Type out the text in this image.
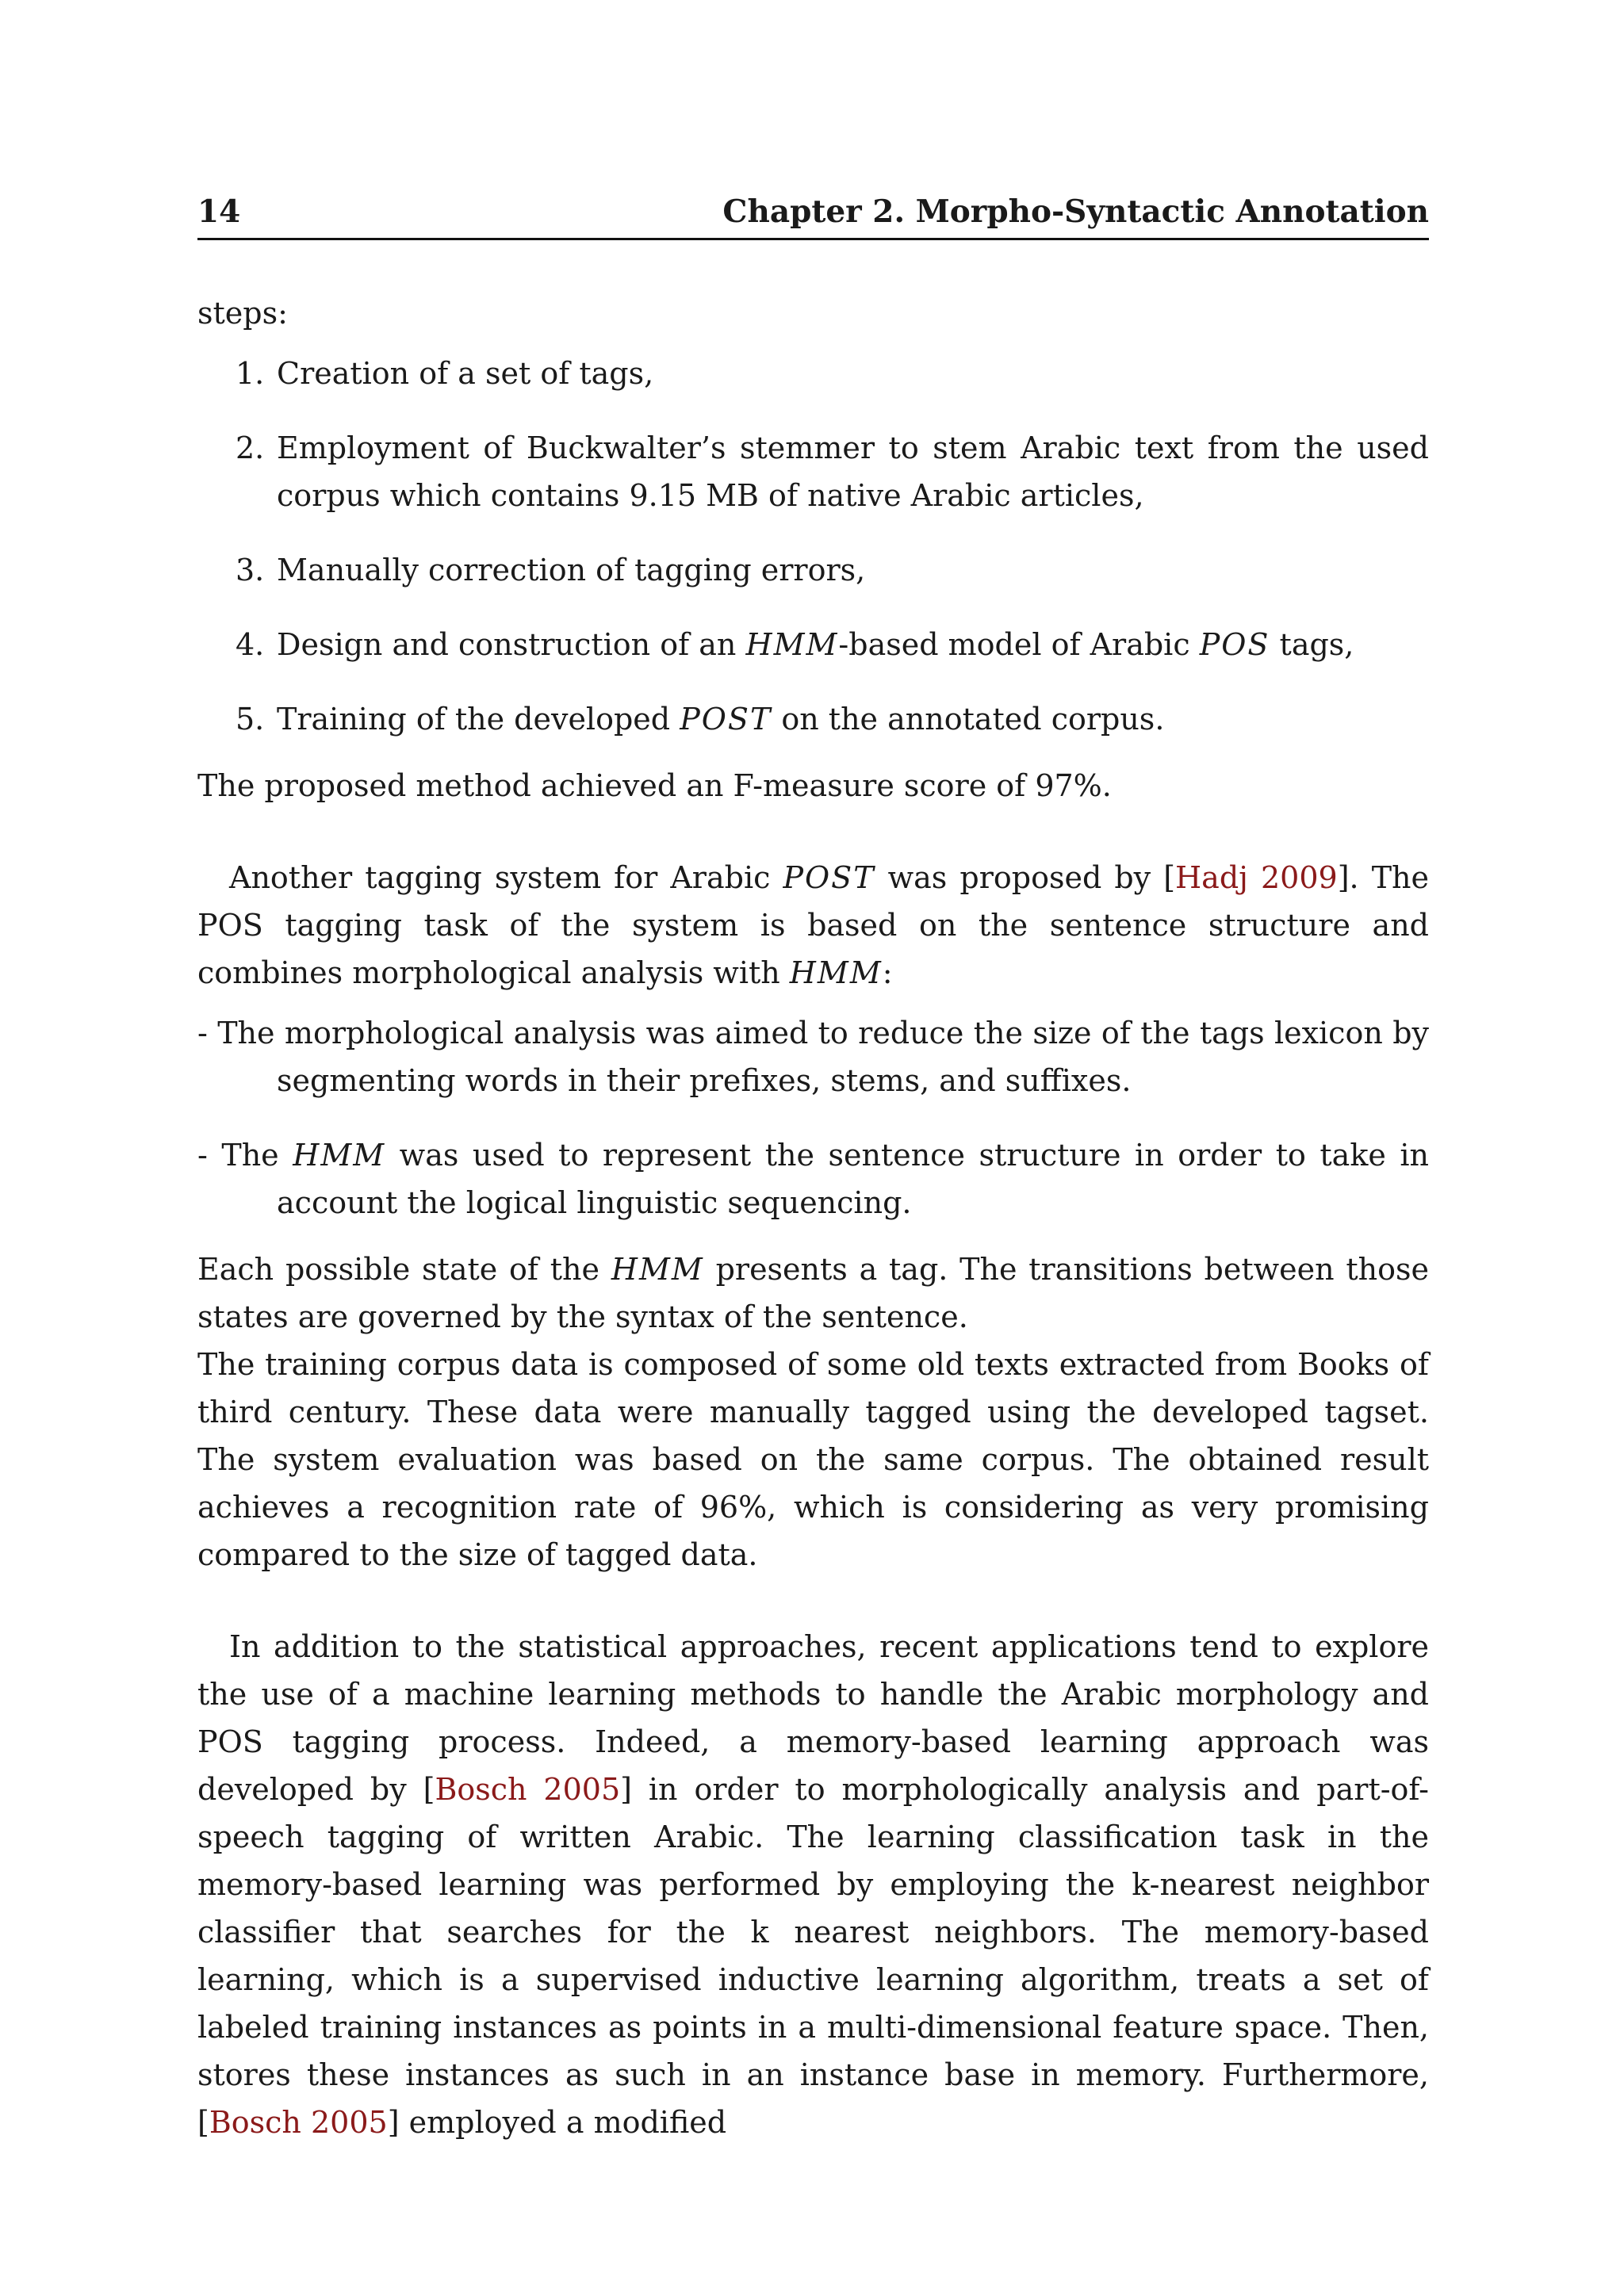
14	Chapter 2. Morpho-Syntactic Annotation

steps:

1. Creation of a set of tags,
2. Employment of Buckwalter’s stemmer to stem Arabic text from the used corpus which contains 9.15 MB of native Arabic articles,
3. Manually correction of tagging errors,
4. Design and construction of an HMM-based model of Arabic POS tags,
5. Training of the developed POST on the annotated corpus.

The proposed method achieved an F-measure score of 97%.

Another tagging system for Arabic POST was proposed by [Hadj 2009]. The POS tagging task of the system is based on the sentence structure and combines morphological analysis with HMM:

- The morphological analysis was aimed to reduce the size of the tags lexicon by segmenting words in their prefixes, stems, and suffixes.
- The HMM was used to represent the sentence structure in order to take in account the logical linguistic sequencing.

Each possible state of the HMM presents a tag. The transitions between those states are governed by the syntax of the sentence.

The training corpus data is composed of some old texts extracted from Books of third century. These data were manually tagged using the developed tagset. The system evaluation was based on the same corpus. The obtained result achieves a recognition rate of 96%, which is considering as very promising compared to the size of tagged data.

In addition to the statistical approaches, recent applications tend to explore the use of a machine learning methods to handle the Arabic morphology and POS tagging process. Indeed, a memory-based learning approach was developed by [Bosch 2005] in order to morphologically analysis and part-of-speech tagging of written Arabic. The learning classification task in the memory-based learning was performed by employing the k-nearest neighbor classifier that searches for the k nearest neighbors. The memory-based learning, which is a supervised inductive learning algorithm, treats a set of labeled training instances as points in a multi-dimensional feature space. Then, stores these instances as such in an instance base in memory. Furthermore, [Bosch 2005] employed a modified
